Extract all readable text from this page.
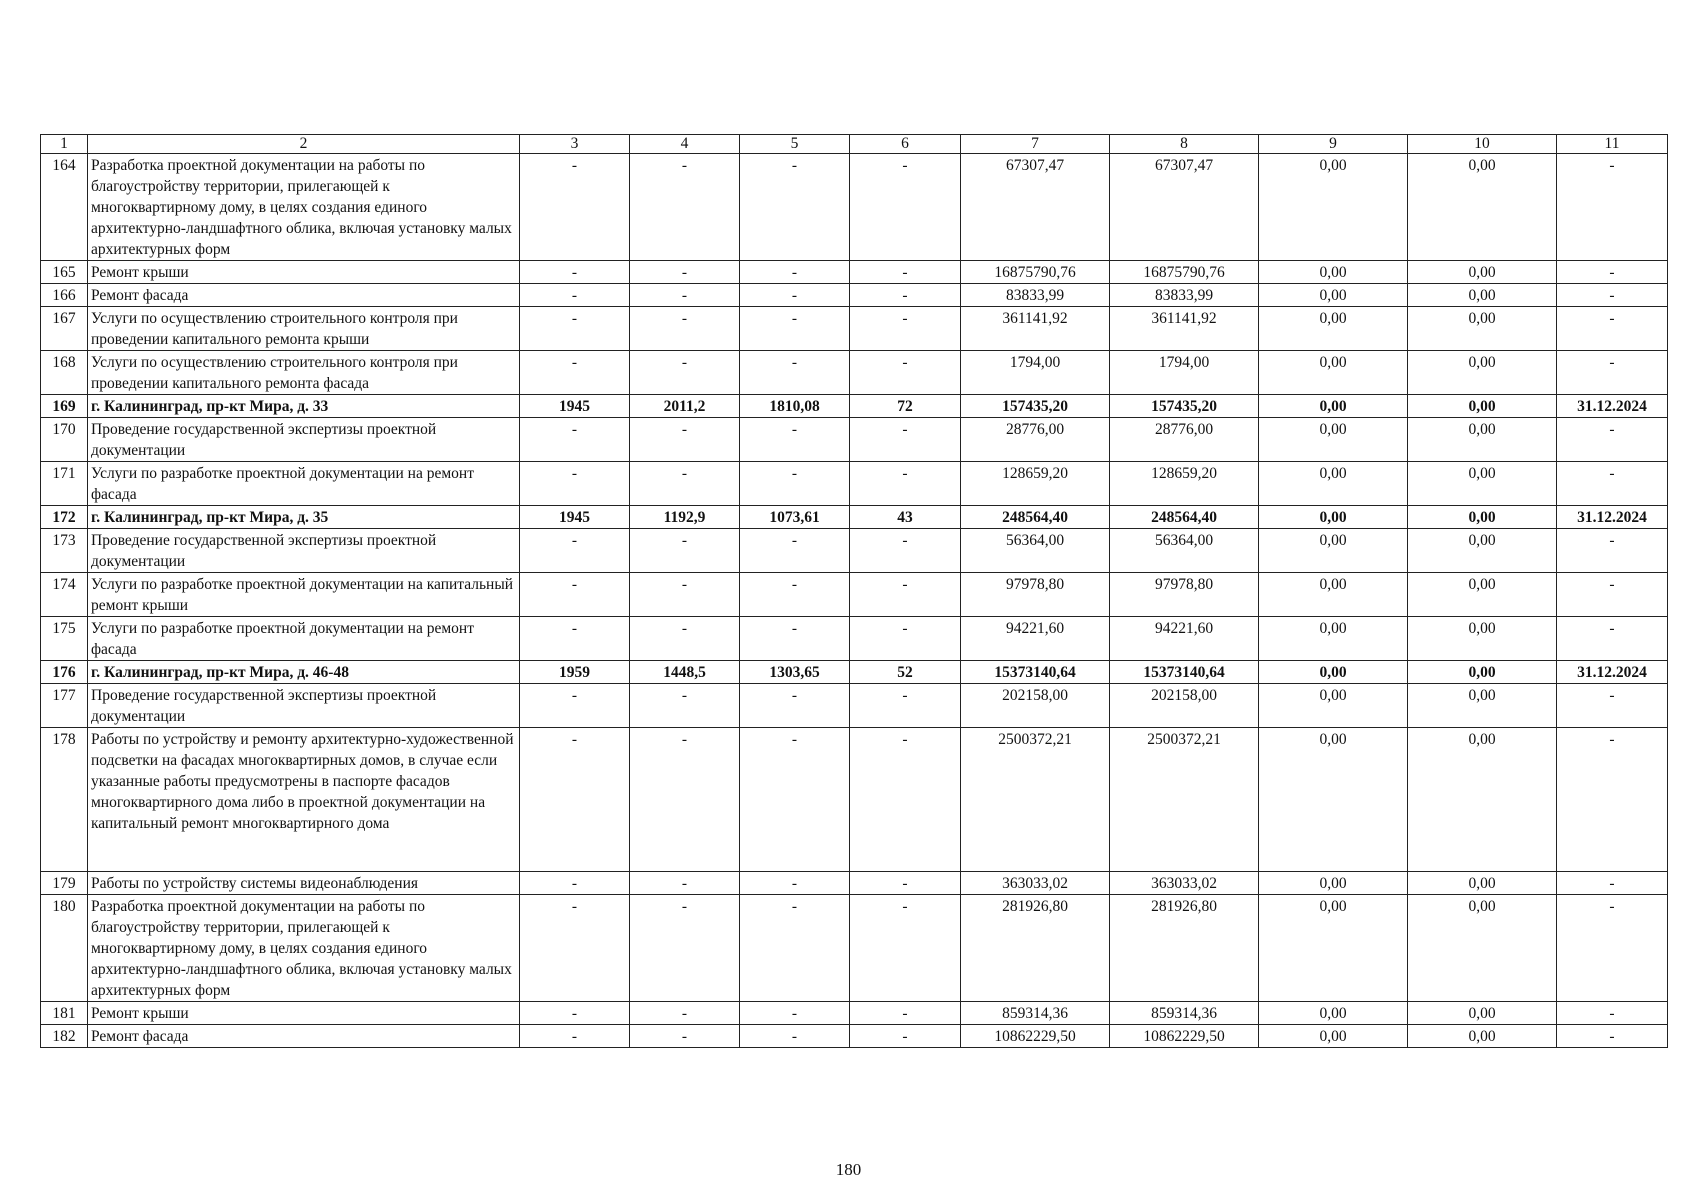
1	2	3	4	5	6	7	8	9	10	11
164	Разработка проектной документации на работы по благоустройству территории, прилегающей к многоквартирному дому, в целях создания единого архитектурно-ландшафтного облика, включая установку малых архитектурных форм	-	-	-	-	67307,47	67307,47	0,00	0,00	-
165	Ремонт крыши	-	-	-	-	16875790,76	16875790,76	0,00	0,00	-
166	Ремонт фасада	-	-	-	-	83833,99	83833,99	0,00	0,00	-
167	Услуги по осуществлению строительного контроля при проведении капитального ремонта крыши	-	-	-	-	361141,92	361141,92	0,00	0,00	-
168	Услуги по осуществлению строительного контроля при проведении капитального ремонта фасада	-	-	-	-	1794,00	1794,00	0,00	0,00	-
169	г. Калининград, пр-кт Мира, д. 33	1945	2011,2	1810,08	72	157435,20	157435,20	0,00	0,00	31.12.2024
170	Проведение государственной экспертизы проектной документации	-	-	-	-	28776,00	28776,00	0,00	0,00	-
171	Услуги по разработке проектной документации на ремонт фасада	-	-	-	-	128659,20	128659,20	0,00	0,00	-
172	г. Калининград, пр-кт Мира, д. 35	1945	1192,9	1073,61	43	248564,40	248564,40	0,00	0,00	31.12.2024
173	Проведение государственной экспертизы проектной документации	-	-	-	-	56364,00	56364,00	0,00	0,00	-
174	Услуги по разработке проектной документации на капитальный ремонт крыши	-	-	-	-	97978,80	97978,80	0,00	0,00	-
175	Услуги по разработке проектной документации на ремонт фасада	-	-	-	-	94221,60	94221,60	0,00	0,00	-
176	г. Калининград, пр-кт Мира, д. 46-48	1959	1448,5	1303,65	52	15373140,64	15373140,64	0,00	0,00	31.12.2024
177	Проведение государственной экспертизы проектной документации	-	-	-	-	202158,00	202158,00	0,00	0,00	-
178	Работы по устройству и ремонту архитектурно-художественной подсветки на фасадах многоквартирных домов, в случае если указанные работы предусмотрены в паспорте фасадов многоквартирного дома либо в проектной документации на капитальный ремонт многоквартирного дома	-	-	-	-	2500372,21	2500372,21	0,00	0,00	-
179	Работы по устройству системы видеонаблюдения	-	-	-	-	363033,02	363033,02	0,00	0,00	-
180	Разработка проектной документации на работы по благоустройству территории, прилегающей к многоквартирному дому, в целях создания единого архитектурно-ландшафтного облика, включая установку малых архитектурных форм	-	-	-	-	281926,80	281926,80	0,00	0,00	-
181	Ремонт крыши	-	-	-	-	859314,36	859314,36	0,00	0,00	-
182	Ремонт фасада	-	-	-	-	10862229,50	10862229,50	0,00	0,00	-
180
